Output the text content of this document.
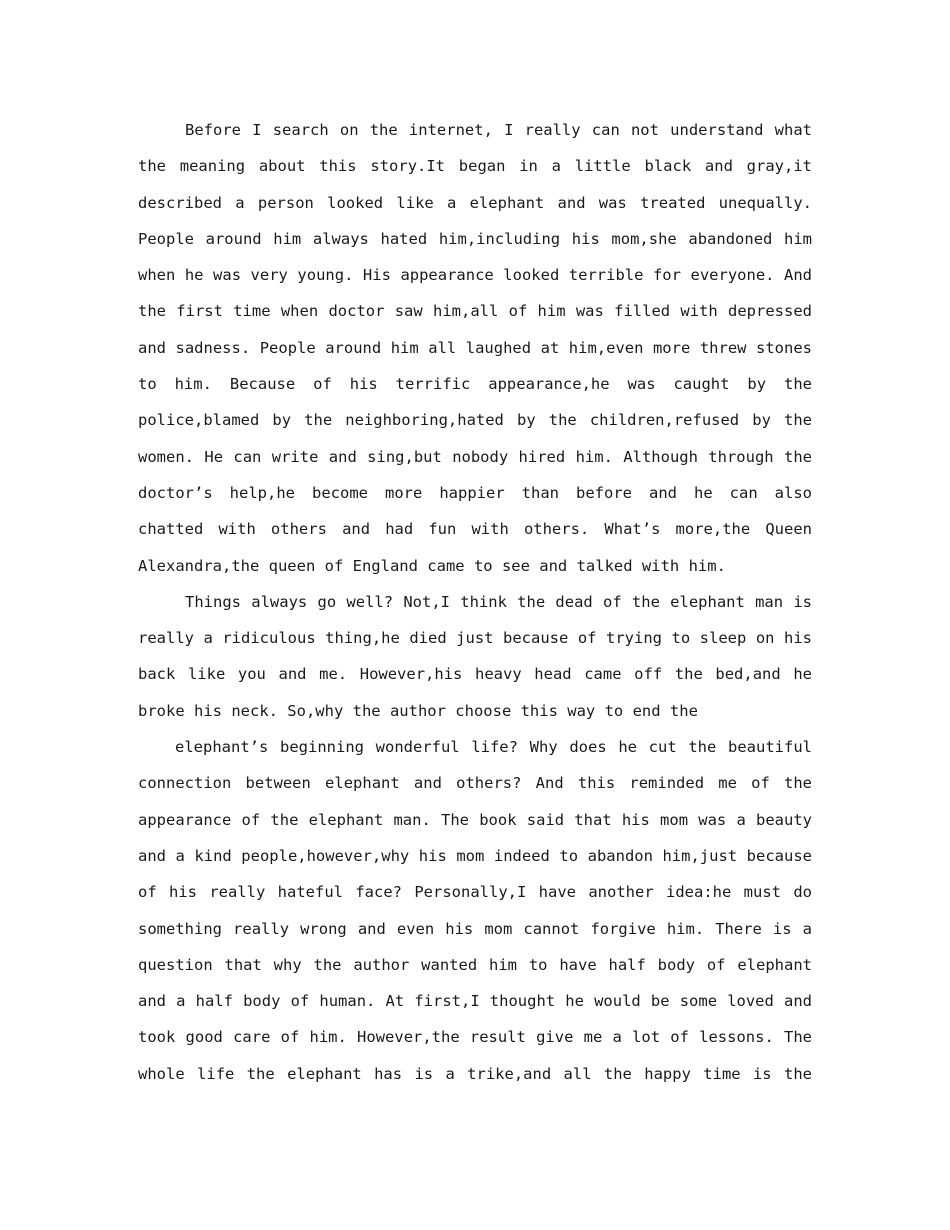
Before I search on the internet, I really can not understand what
the meaning about this story.It began in a little black and gray,it
described a person looked like a elephant and was treated unequally.
People around him always hated him,including his mom,she abandoned him
when he was very young. His appearance looked terrible for everyone. And
the first time when doctor saw him,all of him was filled with depressed
and sadness. People around him all laughed at him,even more threw stones
to him. Because of his terrific appearance,he was caught by the
police,blamed by the neighboring,hated by the children,refused by the
women. He can write and sing,but nobody hired him. Although through the
doctor’s help,he become more happier than before and he can also
chatted with others and had fun with others. What’s more,the Queen
Alexandra,the queen of England came to see and talked with him.
Things always go well? Not,I think the dead of the elephant man is
really a ridiculous thing,he died just because of trying to sleep on his
back like you and me. However,his heavy head came off the bed,and he
broke his neck. So,why the author choose this way to end the
elephant’s beginning wonderful life? Why does he cut the beautiful
connection between elephant and others? And this reminded me of the
appearance of the elephant man. The book said that his mom was a beauty
and a kind people,however,why his mom indeed to abandon him,just because
of his really hateful face? Personally,I have another idea:he must do
something really wrong and even his mom cannot forgive him. There is a
question that why the author wanted him to have half body of elephant
and a half body of human. At first,I thought he would be some loved and
took good care of him. However,the result give me a lot of lessons. The
whole life the elephant has is a trike,and all the happy time is the
